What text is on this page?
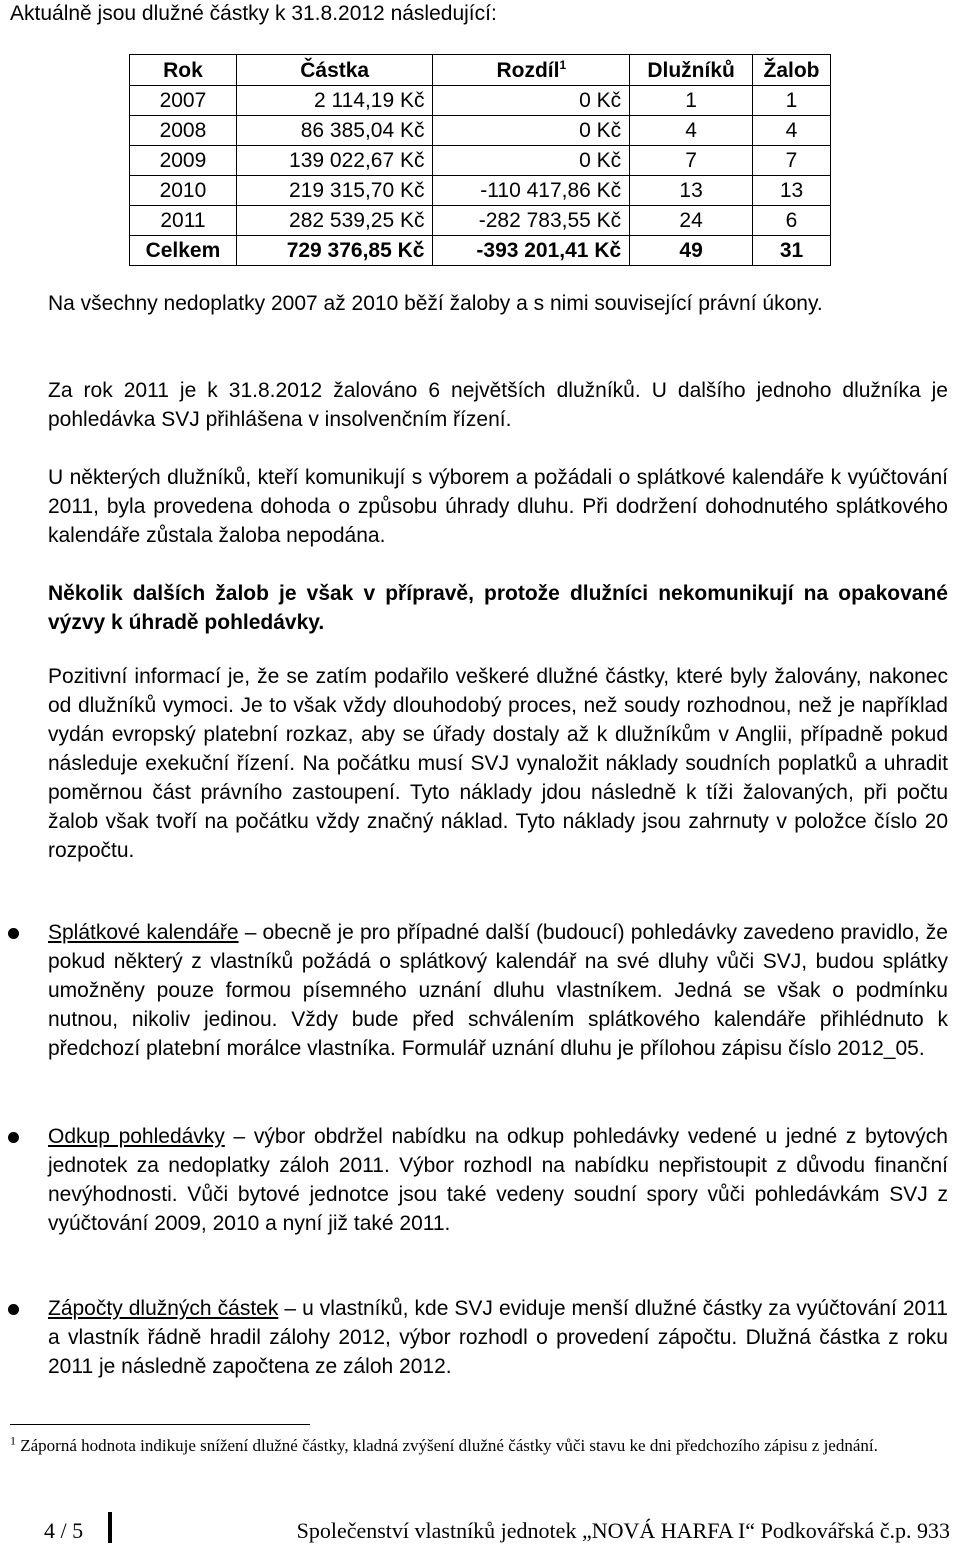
Aktuálně jsou dlužné částky k 31.8.2012 následující:

Rok	Částka	Rozdíl$^1$	Dlužníků	Žalob
2007	2 114,19 Kč	0 Kč	1	1
2008	86 385,04 Kč	0 Kč	4	4
2009	139 022,67 Kč	0 Kč	7	7
2010	219 315,70 Kč	-110 417,86 Kč	13	13
2011	282 539,25 Kč	-282 783,55 Kč	24	6
Celkem	729 376,85 Kč	-393 201,41 Kč	49	31

Na všechny nedoplatky 2007 až 2010 běží žaloby a s nimi související právní úkony.

Za rok 2011 je k 31.8.2012 žalováno 6 největších dlužníků. U dalšího jednoho dlužníka je pohledávka SVJ přihlášena v insolvenčním řízení.

U některých dlužníků, kteří komunikují s výborem a požádali o splátkové kalendáře k vyúčtování 2011, byla provedena dohoda o způsobu úhrady dluhu. Při dodržení dohodnutého splátkového kalendáře zůstala žaloba nepodána.

Několik dalších žalob je však v přípravě, protože dlužníci nekomunikují na opakované výzvy k úhradě pohledávky.

Pozitivní informací je, že se zatím podařilo veškeré dlužné částky, které byly žalovány, nakonec od dlužníků vymoci. Je to však vždy dlouhodobý proces, než soudy rozhodnou, než je například vydán evropský platební rozkaz, aby se úřady dostaly až k dlužníkům v Anglii, případně pokud následuje exekuční řízení. Na počátku musí SVJ vynaložit náklady soudních poplatků a uhradit poměrnou část právního zastoupení. Tyto náklady jdou následně k tíži žalovaných, při počtu žalob však tvoří na počátku vždy značný náklad. Tyto náklady jsou zahrnuty v položce číslo 20 rozpočtu.

Splátkové kalendáře – obecně je pro případné další (budoucí) pohledávky zavedeno pravidlo, že pokud některý z vlastníků požádá o splátkový kalendář na své dluhy vůči SVJ, budou splátky umožněny pouze formou písemného uznání dluhu vlastníkem. Jedná se však o podmínku nutnou, nikoliv jedinou. Vždy bude před schválením splátkového kalendáře přihlédnuto k předchozí platební morálce vlastníka. Formulář uznání dluhu je přílohou zápisu číslo 2012_05.

Odkup pohledávky – výbor obdržel nabídku na odkup pohledávky vedené u jedné z bytových jednotek za nedoplatky záloh 2011. Výbor rozhodl na nabídku nepřistoupit z důvodu finanční nevýhodnosti. Vůči bytové jednotce jsou také vedeny soudní spory vůči pohledávkám SVJ z vyúčtování 2009, 2010 a nyní již také 2011.

Zápočty dlužných částek – u vlastníků, kde SVJ eviduje menší dlužné částky za vyúčtování 2011 a vlastník řádně hradil zálohy 2012, výbor rozhodl o provedení zápočtu. Dlužná částka z roku 2011 je následně započtena ze záloh 2012.

$^1$ Záporná hodnota indikuje snížení dlužné částky, kladná zvýšení dlužné částky vůči stavu ke dni předchozího zápisu z jednání.

4 / 5	Společenství vlastníků jednotek „NOVÁ HARFA I“ Podkovářská č.p. 933
